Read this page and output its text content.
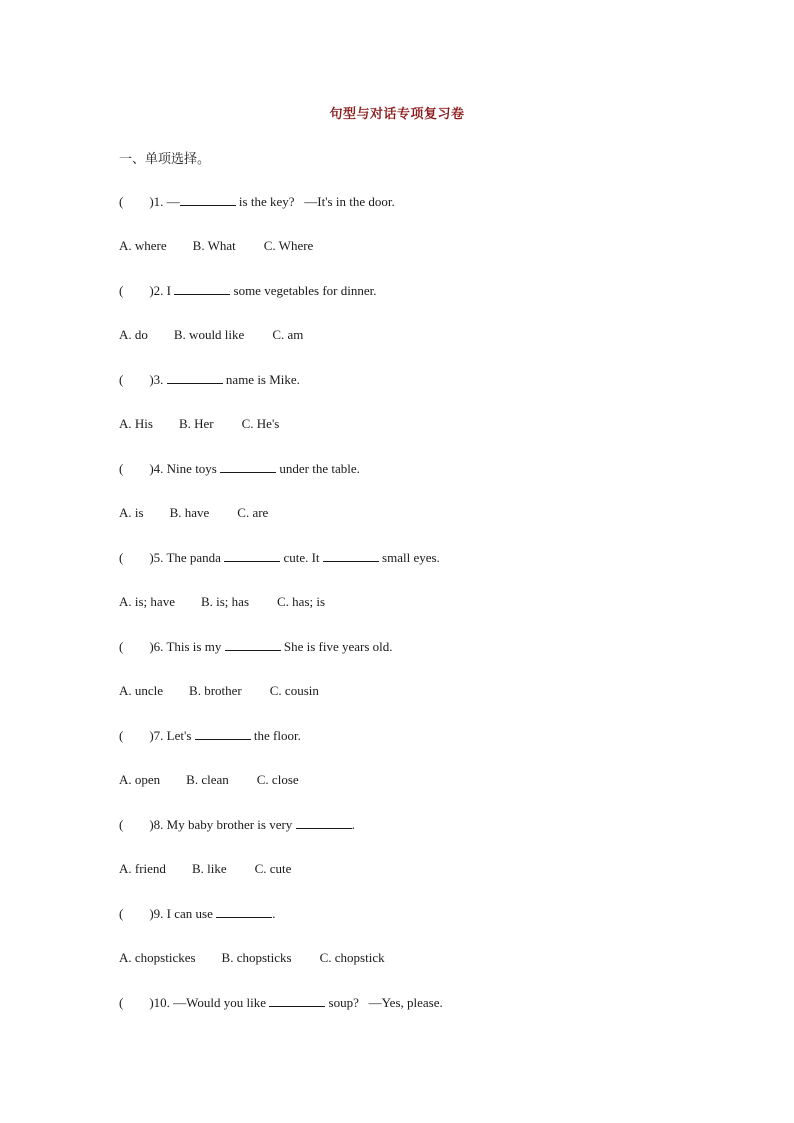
句型与对话专项复习卷
一、单项选择。
(        )1. —	is the key?   —It's in the door.
A. where B. What C. Where
(        )2. I	some vegetables for dinner.
A. do B. would like C. am
(        )3.	name is Mike.
A. His B. Her C. He's
(        )4. Nine toys	under the table.
A. is B. have C. are
(        )5. The panda	cute. It	small eyes.
A. is; have B. is; has C. has; is
(        )6. This is my	She is five years old.
A. uncle B. brother C. cousin
(        )7. Let's	the floor.
A. open B. clean C. close
(        )8. My baby brother is very	.
A. friend B. like C. cute
(        )9. I can use	.
A. chopstickes B. chopsticks C. chopstick
(        )10. —Would you like	soup?   —Yes, please.
